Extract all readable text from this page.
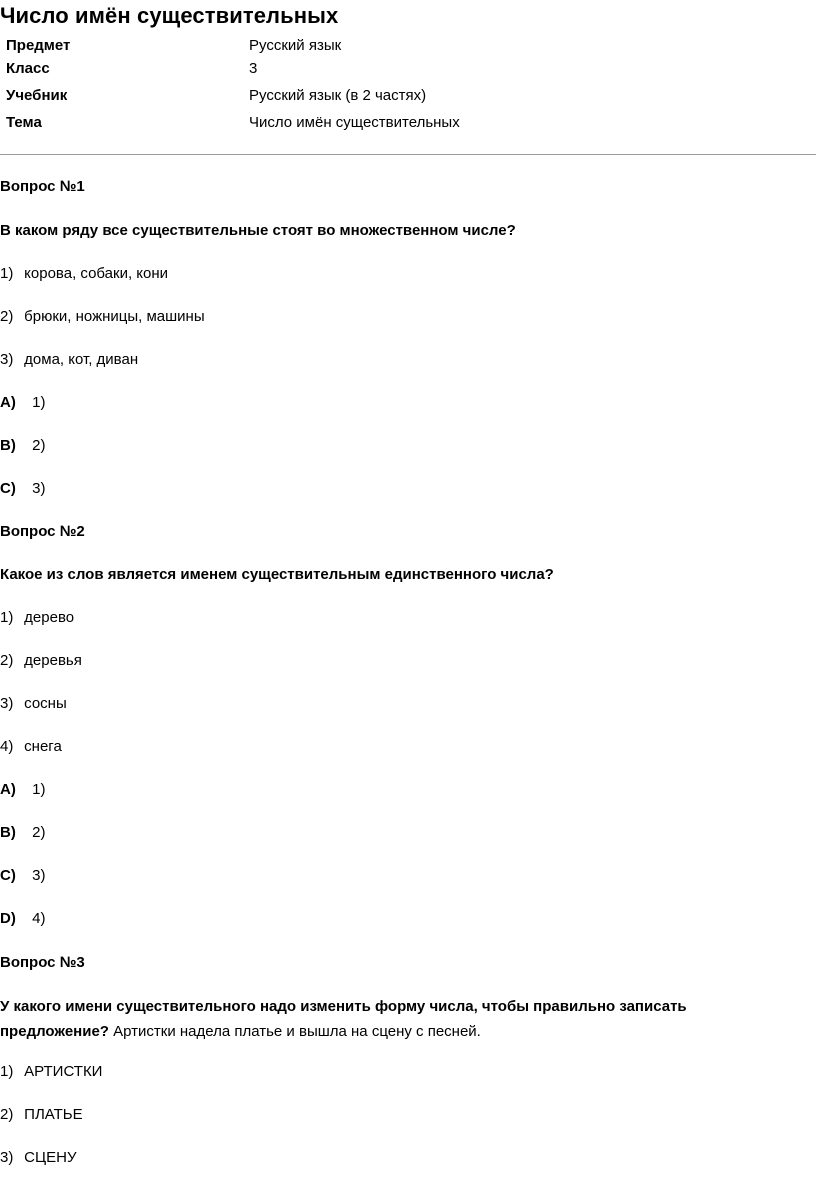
Число имён существительных
Предмет	Русский язык
Класс	3
Учебник	Русский язык (в 2 частях)
Тема	Число имён существительных
Вопрос №1
В каком ряду все существительные стоят во множественном числе?
1) корова, собаки, кони
2) брюки, ножницы, машины
3) дома, кот, диван
A) 1)
B) 2)
C) 3)
Вопрос №2
Какое из слов является именем существительным единственного числа?
1) дерево
2) деревья
3) сосны
4) снега
A) 1)
B) 2)
C) 3)
D) 4)
Вопрос №3
У какого имени существительного надо изменить форму числа, чтобы правильно записать предложение? Артистки надела платье и вышла на сцену с песней.
1) АРТИСТКИ
2) ПЛАТЬЕ
3) СЦЕНУ
